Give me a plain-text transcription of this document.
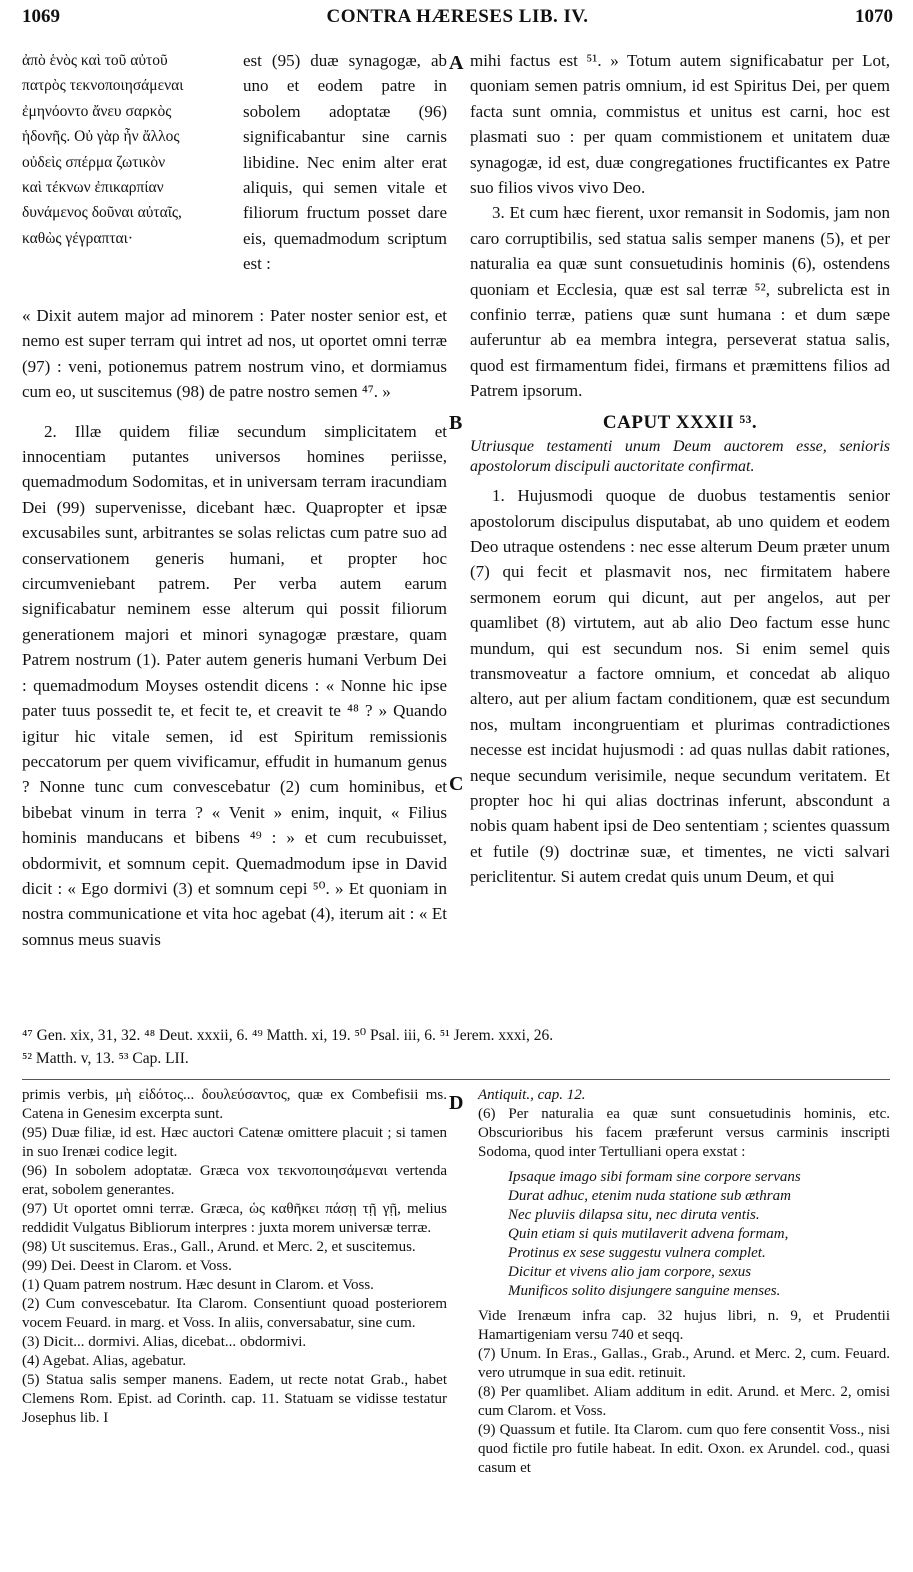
1069	CONTRA HÆRESES LIB. IV.	1070
A
B
C
D
ἀπὸ ἑνὸς καὶ τοῦ αὐτοῦ
πατρὸς τεκνοποιησάμεναι
ἐμηνόοντο ἄνευ σαρκὸς
ἡδονῆς. Οὐ γὰρ ἦν ἄλλος
οὐδεὶς σπέρμα ζωτικὸν
καὶ τέκνων ἐπικαρπίαν
δυνάμενος δοῦναι αὐταῖς,
καθὼς γέγραπται·

est (95) duæ synagogæ, ab uno et eodem patre in sobolem adoptatæ (96) significabantur sine carnis libidine. Nec enim alter erat aliquis, qui semen vitale et filiorum fructum posset dare eis, quemadmodum scriptum est :

« Dixit autem major ad minorem : Pater noster senior est, et nemo est super terram qui intret ad nos, ut oportet omni terræ (97) : veni, potionemus patrem nostrum vino, et dormiamus cum eo, ut suscitemus (98) de patre nostro semen ⁴⁷. »

2. Illæ quidem filiæ secundum simplicitatem et innocentiam putantes universos homines periisse, quemadmodum Sodomitas, et in universam terram iracundiam Dei (99) supervenisse, dicebant hæc. Quapropter et ipsæ excusabiles sunt, arbitrantes se solas relictas cum patre suo ad conservationem generis humani, et propter hoc circumveniebant patrem. Per verba autem earum significabatur neminem esse alterum qui possit filiorum generationem majori et minori synagogæ præstare, quam Patrem nostrum (1). Pater autem generis humani Verbum Dei : quemadmodum Moyses ostendit dicens : « Nonne hic ipse pater tuus possedit te, et fecit te, et creavit te ⁴⁸ ? » Quando igitur hic vitale semen, id est Spiritum remissionis peccatorum per quem vivificamur, effudit in humanum genus ? Nonne tunc cum convescebatur (2) cum hominibus, et bibebat vinum in terra ? « Venit » enim, inquit, « Filius hominis manducans et bibens ⁴⁹ : » et cum recubuisset, obdormivit, et somnum cepit. Quemadmodum ipse in David dicit : « Ego dormivi (3) et somnum cepi ⁵⁰. » Et quoniam in nostra communicatione et vita hoc agebat (4), iterum ait : « Et somnus meus suavis

mihi factus est ⁵¹. » Totum autem significabatur per Lot, quoniam semen patris omnium, id est Spiritus Dei, per quem facta sunt omnia, commistus et unitus est carni, hoc est plasmati suo : per quam commistionem et unitatem duæ synagogæ, id est, duæ congregationes fructificantes ex Patre suo filios vivos vivo Deo.

3. Et cum hæc fierent, uxor remansit in Sodomis, jam non caro corruptibilis, sed statua salis semper manens (5), et per naturalia ea quæ sunt consuetudinis hominis (6), ostendens quoniam et Ecclesia, quæ est sal terræ ⁵², subrelicta est in confinio terræ, patiens quæ sunt humana : et dum sæpe auferuntur ab ea membra integra, perseverat statua salis, quod est firmamentum fidei, firmans et præmittens filios ad Patrem ipsorum.

CAPUT XXXII ⁵³.
Utriusque testamenti unum Deum auctorem esse, senioris apostolorum discipuli auctoritate confirmat.

1. Hujusmodi quoque de duobus testamentis senior apostolorum discipulus disputabat, ab uno quidem et eodem Deo utraque ostendens : nec esse alterum Deum præter unum (7) qui fecit et plasmavit nos, nec firmitatem habere sermonem eorum qui dicunt, aut per angelos, aut per quamlibet (8) virtutem, aut ab alio Deo factum esse hunc mundum, qui est secundum nos. Si enim semel quis transmoveatur a factore omnium, et concedat ab aliquo altero, aut per alium factam conditionem, quæ est secundum nos, multam incongruentiam et plurimas contradictiones necesse est incidat hujusmodi : ad quas nullas dabit rationes, neque secundum verisimile, neque secundum veritatem. Et propter hoc hi qui alias doctrinas inferunt, abscondunt a nobis quam habent ipsi de Deo sententiam ; scientes quassum et futile (9) doctrinæ suæ, et timentes, ne victi salvari periclitentur. Si autem credat quis unum Deum, et qui

⁴⁷ Gen. xix, 31, 32. ⁴⁸ Deut. xxxii, 6. ⁴⁹ Matth. xi, 19. ⁵⁰ Psal. iii, 6. ⁵¹ Jerem. xxxi, 26.
⁵² Matth. v, 13. ⁵³ Cap. LII.

primis verbis, μὴ εἰδότος... δουλεύσαντος, quæ ex Combefisii ms. Catena in Genesim excerpta sunt.

(95) Duæ filiæ, id est. Hæc auctori Catenæ omittere placuit ; si tamen in suo Irenæi codice legit.

(96) In sobolem adoptatæ. Græca vox τεκνοποιησάμεναι vertenda erat, sobolem generantes.

(97) Ut oportet omni terræ. Græca, ὡς καθῆκει πάσῃ τῇ γῇ, melius reddidit Vulgatus Bibliorum interpres : juxta morem universæ terræ.

(98) Ut suscitemus. Eras., Gall., Arund. et Merc. 2, et suscitemus.

(99) Dei. Deest in Clarom. et Voss.

(1) Quam patrem nostrum. Hæc desunt in Clarom. et Voss.

(2) Cum convescebatur. Ita Clarom. Consentiunt quoad posteriorem vocem Feuard. in marg. et Voss. In aliis, conversabatur, sine cum.

(3) Dicit... dormivi. Alias, dicebat... obdormivi.

(4) Agebat. Alias, agebatur.

(5) Statua salis semper manens. Eadem, ut recte notat Grab., habet Clemens Rom. Epist. ad Corinth. cap. 11. Statuam se vidisse testatur Josephus lib. I

Antiquit., cap. 12.

(6) Per naturalia ea quæ sunt consuetudinis hominis, etc. Obscurioribus his facem præferunt versus carminis inscripti Sodoma, quod inter Tertulliani opera exstat :

Ipsaque imago sibi formam sine corpore servans
Durat adhuc, etenim nuda statione sub æthram
Nec pluviis dilapsa situ, nec diruta ventis.
Quin etiam si quis mutilaverit advena formam,
Protinus ex sese suggestu vulnera complet.
Dicitur et vivens alio jam corpore, sexus
Munificos solito disjungere sanguine menses.

Vide Irenæum infra cap. 32 hujus libri, n. 9, et Prudentii Hamartigeniam versu 740 et seqq.

(7) Unum. In Eras., Gallas., Grab., Arund. et Merc. 2, cum. Feuard. vero utrumque in sua edit. retinuit.

(8) Per quamlibet. Aliam additum in edit. Arund. et Merc. 2, omisi cum Clarom. et Voss.

(9) Quassum et futile. Ita Clarom. cum quo fere consentit Voss., nisi quod fictile pro futile habeat. In edit. Oxon. ex Arundel. cod., quasi casum et
